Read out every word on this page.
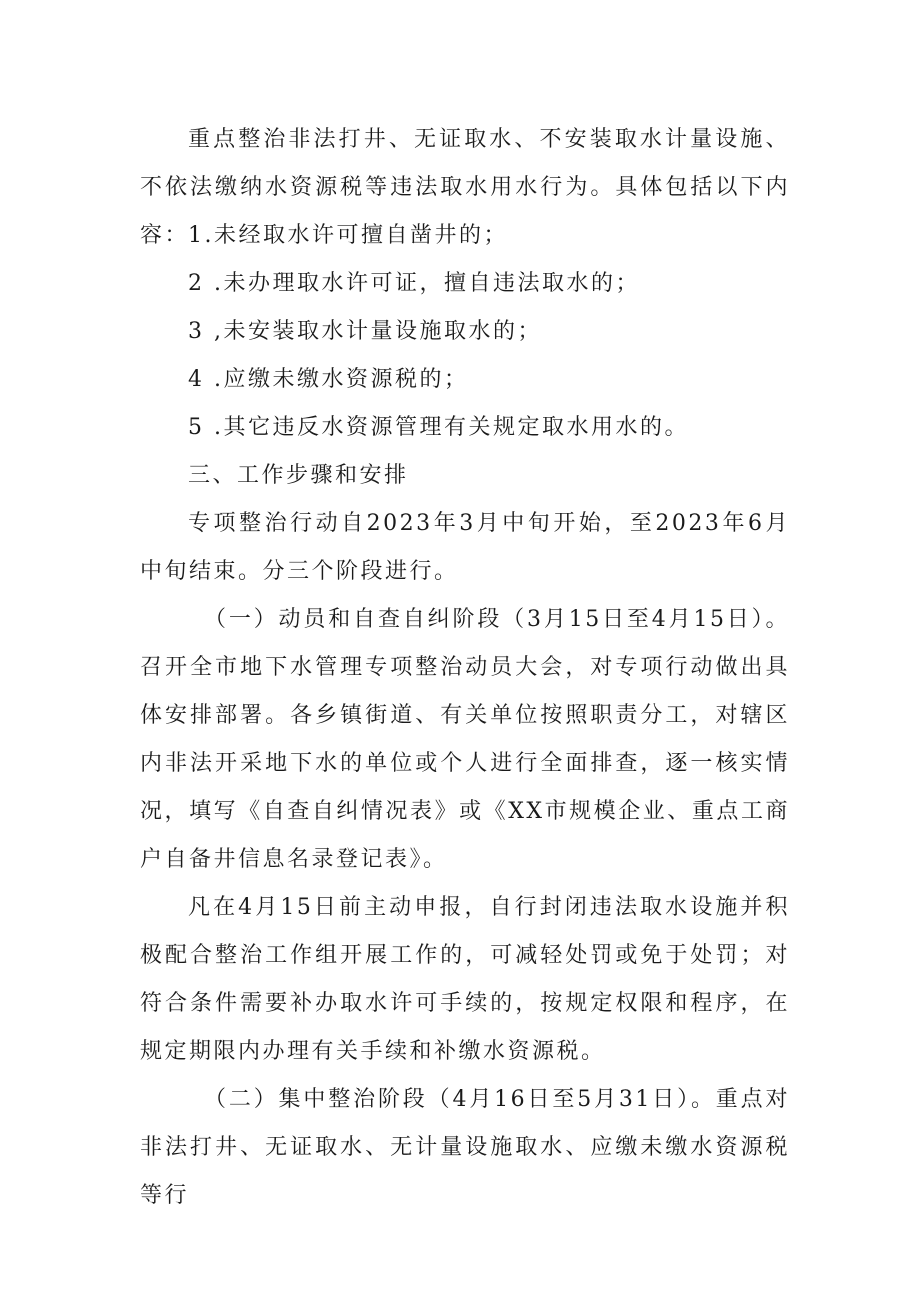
重点整治非法打井、无证取水、不安装取水计量设施、不依法缴纳水资源税等违法取水用水行为。具体包括以下内容：

1.未经取水许可擅自凿井的；

2 .未办理取水许可证，擅自违法取水的；

3 ,未安装取水计量设施取水的；

4 .应缴未缴水资源税的；

5 .其它违反水资源管理有关规定取水用水的。

三、工作步骤和安排

专项整治行动自2023年3月中旬开始，至2023年6月中旬结束。分三个阶段进行。

（一）动员和自查自纠阶段（3月15日至4月15日）。召开全市地下水管理专项整治动员大会，对专项行动做出具体安排部署。各乡镇街道、有关单位按照职责分工，对辖区内非法开采地下水的单位或个人进行全面排查，逐一核实情况，填写《自查自纠情况表》或《XX市规模企业、重点工商户自备井信息名录登记表》。

凡在4月15日前主动申报，自行封闭违法取水设施并积极配合整治工作组开展工作的，可减轻处罚或免于处罚；对符合条件需要补办取水许可手续的，按规定权限和程序，在规定期限内办理有关手续和补缴水资源税。

（二）集中整治阶段（4月16日至5月31日）。重点对非法打井、无证取水、无计量设施取水、应缴未缴水资源税等行
